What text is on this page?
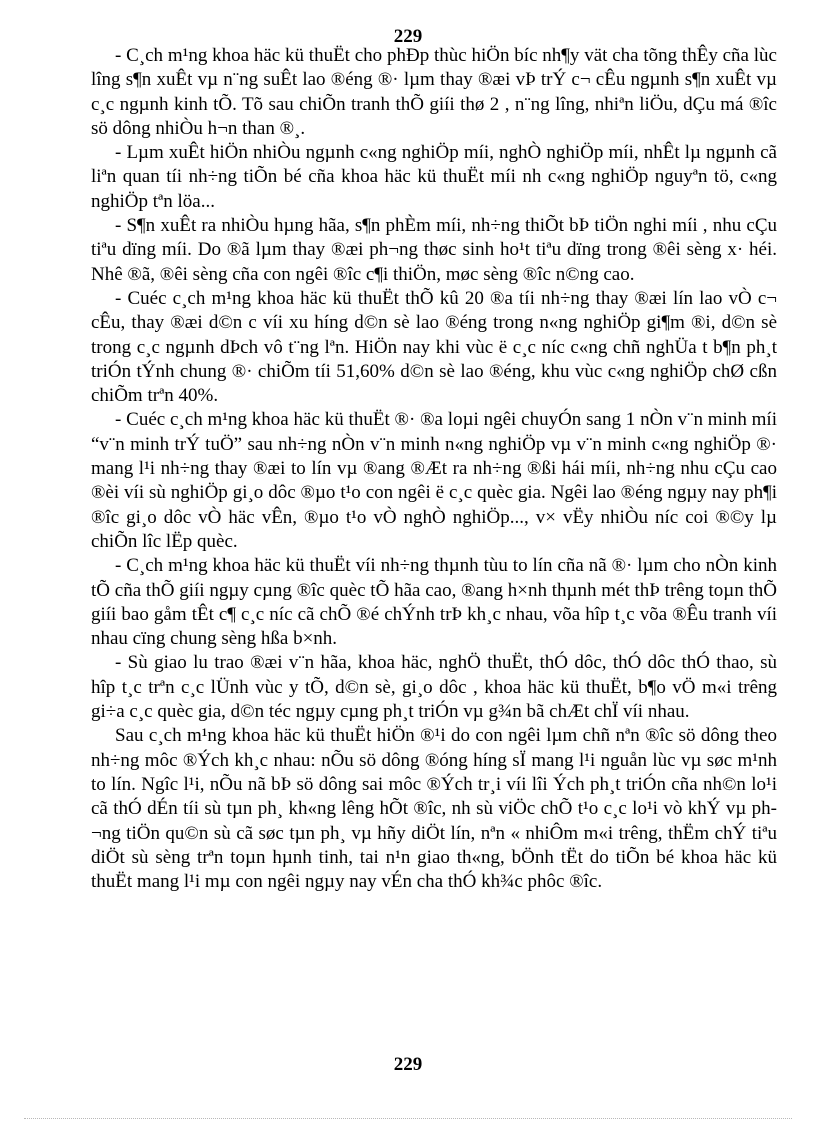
229

- C¸ch m¹ng khoa häc kü thuËt cho phÐp thùc hiÖn bíc nh¶y vät cha tõng thÊy cña lùc lîng s¶n xuÊt vµ n¨ng suÊt lao ®éng ®· lµm thay ®æi vÞ trÝ c¬ cÊu ngµnh s¶n xuÊt vµ c¸c ngµnh kinh tÕ. Tõ sau chiÕn tranh thÕ giíi thø 2 , n¨ng lîng, nhiªn liÖu, dÇu má ®îc sö dông nhiÒu h¬n than ®¸.

- Lµm xuÊt hiÖn nhiÒu ngµnh c«ng nghiÖp míi, nghÒ nghiÖp míi, nhÊt lµ ngµnh cã liªn quan tíi nh÷ng tiÕn bé cña khoa häc kü thuËt míi nh c«ng nghiÖp nguyªn tö, c«ng nghiÖp tªn löa...

- S¶n xuÊt ra nhiÒu hµng hãa, s¶n phÈm míi, nh÷ng thiÕt bÞ tiÖn nghi míi , nhu cÇu tiªu dïng míi. Do ®ã lµm thay ®æi ph¬ng thøc sinh ho¹t tiªu dïng trong ®êi sèng x· héi. Nhê ®ã, ®êi sèng cña con ngêi ®îc c¶i thiÖn, møc sèng ®îc n©ng cao.

- Cuéc c¸ch m¹ng khoa häc kü thuËt thÕ kû 20 ®a tíi nh÷ng thay ®æi lín lao vÒ c¬ cÊu, thay ®æi d©n c víi xu híng d©n sè lao ®éng trong n«ng nghiÖp gi¶m ®i, d©n sè trong c¸c ngµnh dÞch vô t¨ng lªn. HiÖn nay khi vùc ë c¸c níc c«ng chñ nghÜa t b¶n ph¸t triÓn tÝnh chung ®· chiÕm tíi 51,60% d©n sè lao ®éng, khu vùc c«ng nghiÖp chØ cßn chiÕm trªn 40%.

- Cuéc c¸ch m¹ng khoa häc kü thuËt ®· ®a loµi ngêi chuyÓn sang 1 nÒn v¨n minh míi “v¨n minh trÝ tuÖ” sau nh÷ng nÒn v¨n minh n«ng nghiÖp vµ v¨n minh c«ng nghiÖp ®· mang l¹i nh÷ng thay ®æi to lín vµ ®ang ®Æt ra nh÷ng ®ßi hái míi, nh÷ng nhu cÇu cao ®èi víi sù nghiÖp gi¸o dôc ®µo t¹o con ngêi ë c¸c quèc gia. Ngêi lao ®éng ngµy nay ph¶i ®îc gi¸o dôc vÒ häc vÊn, ®µo t¹o vÒ nghÒ nghiÖp..., v× vËy nhiÒu níc coi ®©y lµ chiÕn lîc lËp quèc.

- C¸ch m¹ng khoa häc kü thuËt víi nh÷ng thµnh tùu to lín cña nã ®· lµm cho nÒn kinh tÕ cña thÕ giíi ngµy cµng ®îc quèc tÕ hãa cao, ®ang h×nh thµnh mét thÞ trêng toµn thÕ giíi bao gåm tÊt c¶ c¸c níc cã chÕ ®é chÝnh trÞ kh¸c nhau, võa hîp t¸c võa ®Êu tranh víi nhau cïng chung sèng hßa b×nh.

- Sù giao lu trao ®æi v¨n hãa, khoa häc, nghÖ thuËt, thÓ dôc, thÓ dôc thÓ thao, sù hîp t¸c trªn c¸c lÜnh vùc y tÕ, d©n sè, gi¸o dôc , khoa häc kü thuËt, b¶o vÖ m«i trêng gi÷a c¸c quèc gia, d©n téc ngµy cµng ph¸t triÓn vµ g¾n bã chÆt chÏ víi nhau.

Sau c¸ch m¹ng khoa häc kü thuËt hiÖn ®¹i do con ngêi lµm chñ nªn ®îc sö dông theo nh÷ng môc ®Ých kh¸c nhau: nÕu sö dông ®óng híng sÏ mang l¹i nguån lùc vµ søc m¹nh to lín. Ngîc l¹i, nÕu nã bÞ sö dông sai môc ®Ých tr¸i víi lîi Ých ph¸t triÓn cña nh©n lo¹i cã thÓ dÉn tíi sù tµn ph¸ kh«ng lêng hÕt ®îc, nh sù viÖc chÕ t¹o c¸c lo¹i vò khÝ vµ ph¬ng tiÖn qu©n sù cã søc tµn ph¸ vµ hñy diÖt lín, nªn « nhiÔm m«i trêng, thËm chÝ tiªu diÖt sù sèng trªn toµn hµnh tinh, tai n¹n giao th«ng, bÖnh tËt do tiÕn bé khoa häc kü thuËt mang l¹i mµ con ngêi ngµy nay vÉn cha thÓ kh¾c phôc ®îc.

229
